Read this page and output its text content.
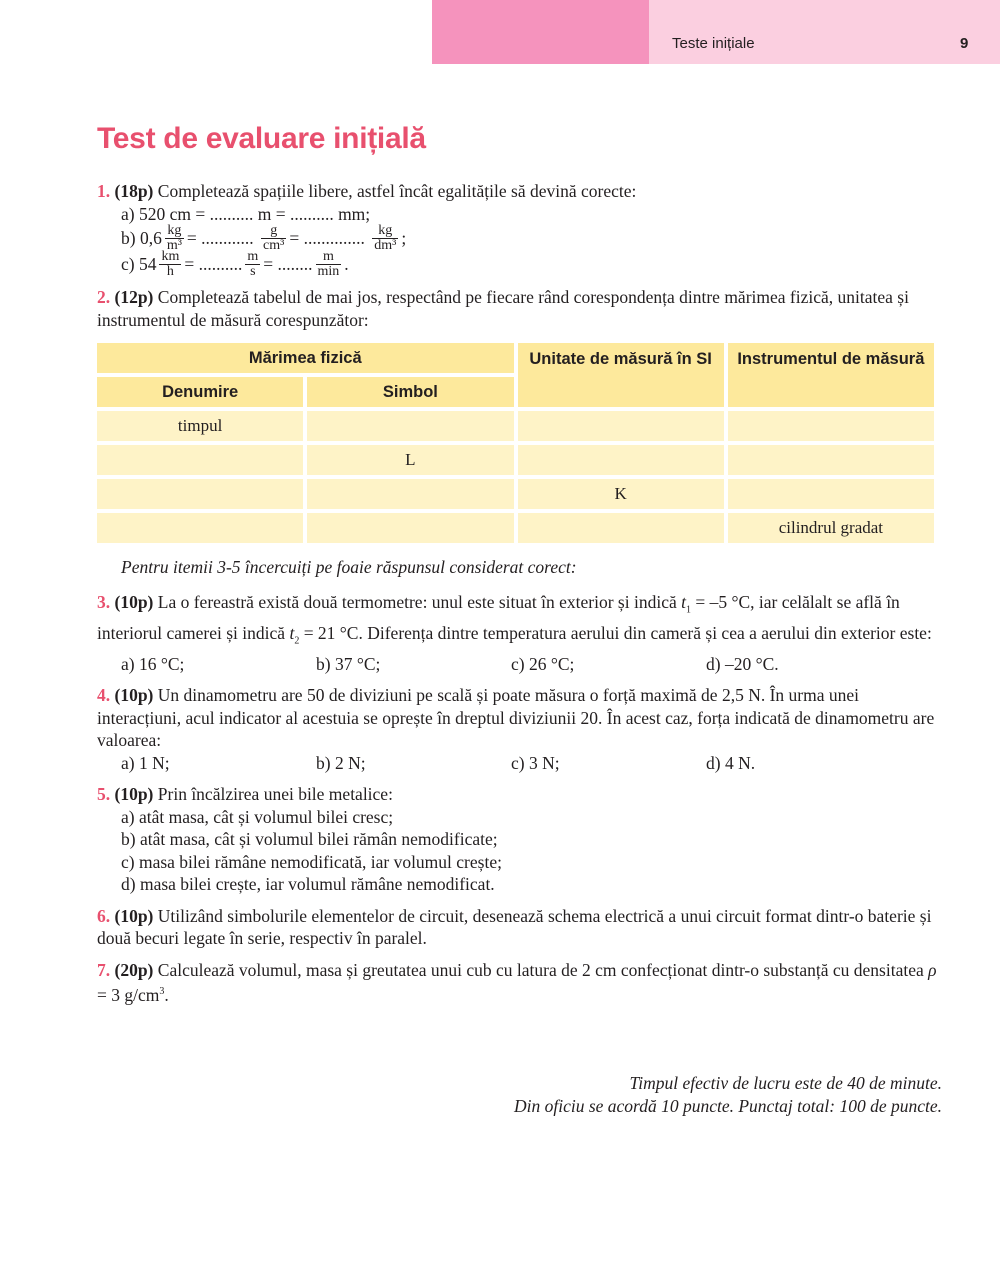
Teste inițiale	9
Test de evaluare inițială
1. (18p) Completează spațiile libere, astfel încât egalitățile să devină corecte:
a) 520 cm = .......... m = .......... mm;
b) $0,6 \frac{kg}{\text{m³}}$ = ............
$\frac{g}{\text{cm³}}$ = ..............
$\frac{kg}{\text{dm³}}$ ;
c) $54 \frac{km}{h}$ = .......... $\frac{m}{s}$ = ........ $\frac{m}{\min}$ .
2. (12p) Completează tabelul de mai jos, respectând pe fiecare rând corespondența dintre mărimea fizică, unitatea și instrumentul de măsură corespunzător:
Mărimea fizică		Unitate de măsură în SI	Instrumentul de măsură
Denumire	Simbol		
timpul			
	L		
		K	
			cilindrul gradat
Pentru itemii 3-5 încercuiți pe foaie răspunsul considerat corect:
3. (10p) La o fereastră există două termometre: unul este situat în exterior și indică $t_1 = -5$ °C, iar celălalt se află în interiorul camerei și indică $t_2 = 21$ °C. Diferența dintre temperatura aerului din cameră și cea a aerului din exterior este:
a) 16 °C;	b) 37 °C;	c) 26 °C;	d) –20 °C.
4. (10p) Un dinamometru are 50 de diviziuni pe scală și poate măsura o forță maximă de 2,5 N. În urma unei interacțiuni, acul indicator al acestuia se oprește în dreptul diviziunii 20. În acest caz, forța indicată de dinamometru are valoarea:
a) 1 N;	b) 2 N;	c) 3 N;	d) 4 N.
5. (10p) Prin încălzirea unei bile metalice:
a) atât masa, cât și volumul bilei cresc;
b) atât masa, cât și volumul bilei rămân nemodificate;
c) masa bilei rămâne nemodificată, iar volumul crește;
d) masa bilei crește, iar volumul rămâne nemodificat.
6. (10p) Utilizând simbolurile elementelor de circuit, desenează schema electrică a unui circuit format dintr-o baterie și două becuri legate în serie, respectiv în paralel.
7. (20p) Calculează volumul, masa și greutatea unui cub cu latura de 2 cm confecționat dintr-o substanță cu densitatea ρ = 3 $g/cm^3$.
Timpul efectiv de lucru este de 40 de minute.
Din oficiu se acordă 10 puncte. Punctaj total: 100 de puncte.
